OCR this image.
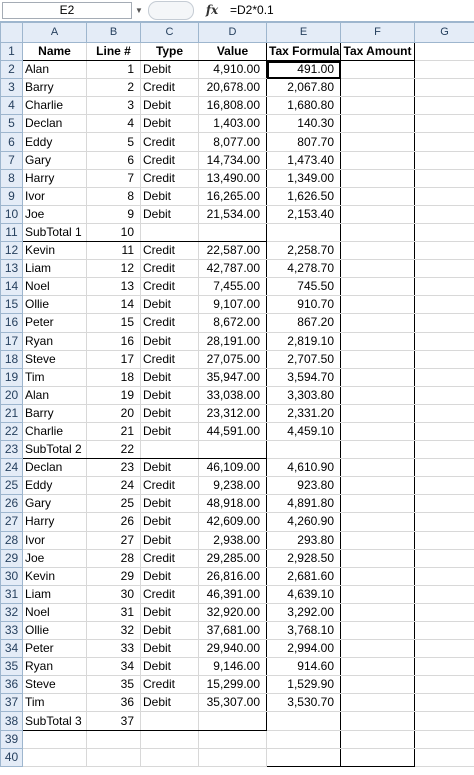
E2	▼	fx =D2*0.1
	A	B	C	D	E	F	G
1	Name	Line #	Type	Value	Tax Formula	Tax Amount	
2	Alan	1	Debit	4,910.00	491.00		
3	Barry	2	Credit	20,678.00	2,067.80		
4	Charlie	3	Debit	16,808.00	1,680.80		
5	Declan	4	Debit	1,403.00	140.30		
6	Eddy	5	Credit	8,077.00	807.70		
7	Gary	6	Credit	14,734.00	1,473.40		
8	Harry	7	Credit	13,490.00	1,349.00		
9	Ivor	8	Debit	16,265.00	1,626.50		
10	Joe	9	Debit	21,534.00	2,153.40		
11	SubTotal 1	10					
12	Kevin	11	Credit	22,587.00	2,258.70		
13	Liam	12	Credit	42,787.00	4,278.70		
14	Noel	13	Credit	7,455.00	745.50		
15	Ollie	14	Debit	9,107.00	910.70		
16	Peter	15	Credit	8,672.00	867.20		
17	Ryan	16	Debit	28,191.00	2,819.10		
18	Steve	17	Credit	27,075.00	2,707.50		
19	Tim	18	Debit	35,947.00	3,594.70		
20	Alan	19	Debit	33,038.00	3,303.80		
21	Barry	20	Debit	23,312.00	2,331.20		
22	Charlie	21	Debit	44,591.00	4,459.10		
23	SubTotal 2	22					
24	Declan	23	Debit	46,109.00	4,610.90		
25	Eddy	24	Credit	9,238.00	923.80		
26	Gary	25	Debit	48,918.00	4,891.80		
27	Harry	26	Debit	42,609.00	4,260.90		
28	Ivor	27	Debit	2,938.00	293.80		
29	Joe	28	Credit	29,285.00	2,928.50		
30	Kevin	29	Debit	26,816.00	2,681.60		
31	Liam	30	Credit	46,391.00	4,639.10		
32	Noel	31	Debit	32,920.00	3,292.00		
33	Ollie	32	Debit	37,681.00	3,768.10		
34	Peter	33	Debit	29,940.00	2,994.00		
35	Ryan	34	Debit	9,146.00	914.60		
36	Steve	35	Credit	15,299.00	1,529.90		
37	Tim	36	Debit	35,307.00	3,530.70		
38	SubTotal 3	37					
39							
40							
